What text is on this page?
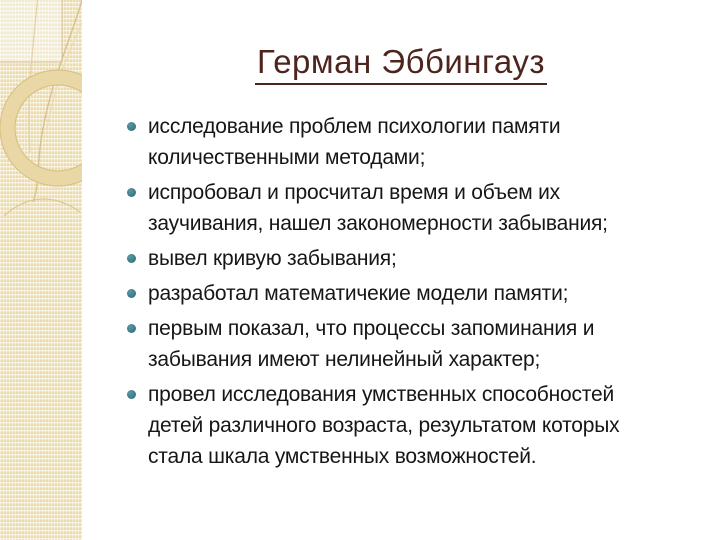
Герман Эббингауз
исследование проблем психологии памяти
количественными методами;
испробовал и просчитал время и объем их
заучивания, нашел закономерности забывания;
вывел кривую забывания;
разработал математичекие модели памяти;
первым показал, что процессы запоминания и
забывания имеют нелинейный характер;
провел исследования умственных способностей
детей различного возраста, результатом которых
стала шкала умственных возможностей.
